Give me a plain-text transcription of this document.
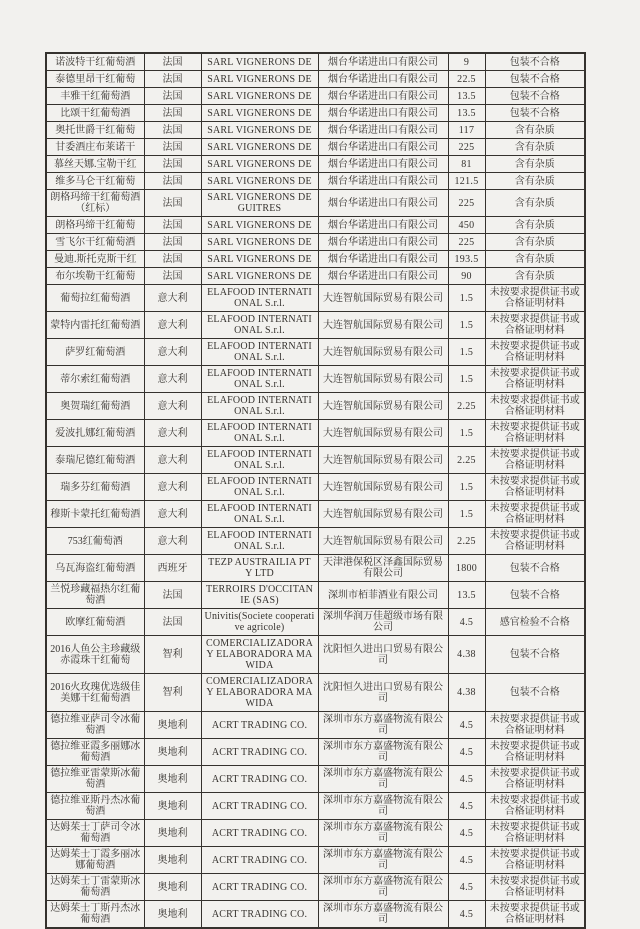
诺波特干红葡萄酒	法国	SARL VIGNERONS DE	烟台华诺进出口有限公司	9	包装不合格
泰德里昂干红葡萄	法国	SARL VIGNERONS DE	烟台华诺进出口有限公司	22.5	包装不合格
丰雅干红葡萄酒	法国	SARL VIGNERONS DE	烟台华诺进出口有限公司	13.5	包装不合格
比颂干红葡萄酒	法国	SARL VIGNERONS DE	烟台华诺进出口有限公司	13.5	包装不合格
奥托世爵干红葡萄	法国	SARL VIGNERONS DE	烟台华诺进出口有限公司	117	含有杂质
甘委酒庄布莱诺干	法国	SARL VIGNERONS DE	烟台华诺进出口有限公司	225	含有杂质
慕丝天娜.宝勒干红	法国	SARL VIGNERONS DE	烟台华诺进出口有限公司	81	含有杂质
维多马仑干红葡萄	法国	SARL VIGNERONS DE	烟台华诺进出口有限公司	121.5	含有杂质
朗格玛缔干红葡萄酒（红标）	法国	SARL VIGNERONS DE GUITRES	烟台华诺进出口有限公司	225	含有杂质
朗格玛缔干红葡萄	法国	SARL VIGNERONS DE	烟台华诺进出口有限公司	450	含有杂质
雪飞尔干红葡萄酒	法国	SARL VIGNERONS DE	烟台华诺进出口有限公司	225	含有杂质
曼迪.斯托克斯干红	法国	SARL VIGNERONS DE	烟台华诺进出口有限公司	193.5	含有杂质
布尔埃勒干红葡萄	法国	SARL VIGNERONS DE	烟台华诺进出口有限公司	90	含有杂质
葡萄拉红葡萄酒	意大利	ELAFOOD INTERNATIONAL S.r.l.	大连智航国际贸易有限公司	1.5	未按要求提供证书或合格证明材料
蒙特内雷托红葡萄酒	意大利	ELAFOOD INTERNATIONAL S.r.l.	大连智航国际贸易有限公司	1.5	未按要求提供证书或合格证明材料
萨罗红葡萄酒	意大利	ELAFOOD INTERNATIONAL S.r.l.	大连智航国际贸易有限公司	1.5	未按要求提供证书或合格证明材料
蒂尔索红葡萄酒	意大利	ELAFOOD INTERNATIONAL S.r.l.	大连智航国际贸易有限公司	1.5	未按要求提供证书或合格证明材料
奥贺瑞红葡萄酒	意大利	ELAFOOD INTERNATIONAL S.r.l.	大连智航国际贸易有限公司	2.25	未按要求提供证书或合格证明材料
爱波扎娜红葡萄酒	意大利	ELAFOOD INTERNATIONAL S.r.l.	大连智航国际贸易有限公司	1.5	未按要求提供证书或合格证明材料
泰瑞尼德红葡萄酒	意大利	ELAFOOD INTERNATIONAL S.r.l.	大连智航国际贸易有限公司	2.25	未按要求提供证书或合格证明材料
瑞多芬红葡萄酒	意大利	ELAFOOD INTERNATIONAL S.r.l.	大连智航国际贸易有限公司	1.5	未按要求提供证书或合格证明材料
穆斯卡蒙托红葡萄酒	意大利	ELAFOOD INTERNATIONAL S.r.l.	大连智航国际贸易有限公司	1.5	未按要求提供证书或合格证明材料
753红葡萄酒	意大利	ELAFOOD INTERNATIONAL S.r.l.	大连智航国际贸易有限公司	2.25	未按要求提供证书或合格证明材料
乌瓦海盗红葡萄酒	西班牙	TEZP AUSTRAILIA PTY LTD	天津港保税区泽鑫国际贸易有限公司	1800	包装不合格
兰悦珍藏福热尔红葡萄酒	法国	TERROIRS D'OCCITANIE (SAS)	深圳市栢菲酒业有限公司	13.5	包装不合格
欧摩红葡萄酒	法国	Univitis(Societe cooperative agricole)	深圳华润万佳超级市场有限公司	4.5	感官检验不合格
2016人鱼公主珍藏级赤霞珠干红葡萄	智利	COMERCIALIZADORA Y ELABORADORA MAWIDA	沈阳恒久进出口贸易有限公司	4.38	包装不合格
2016火玫瑰优选级佳美娜干红葡萄酒	智利	COMERCIALIZADORA Y ELABORADORA MAWIDA	沈阳恒久进出口贸易有限公司	4.38	包装不合格
德拉维亚萨司令冰葡萄酒	奥地利	ACRT TRADING CO.	深圳市东方嘉盛物流有限公司	4.5	未按要求提供证书或合格证明材料
德拉维亚霞多丽娜冰葡萄酒	奥地利	ACRT TRADING CO.	深圳市东方嘉盛物流有限公司	4.5	未按要求提供证书或合格证明材料
德拉维亚雷蒙斯冰葡萄酒	奥地利	ACRT TRADING CO.	深圳市东方嘉盛物流有限公司	4.5	未按要求提供证书或合格证明材料
德拉维亚斯丹杰冰葡萄酒	奥地利	ACRT TRADING CO.	深圳市东方嘉盛物流有限公司	4.5	未按要求提供证书或合格证明材料
达姆茱士丁萨司令冰葡萄酒	奥地利	ACRT TRADING CO.	深圳市东方嘉盛物流有限公司	4.5	未按要求提供证书或合格证明材料
达姆茱士丁霞多丽冰娜葡萄酒	奥地利	ACRT TRADING CO.	深圳市东方嘉盛物流有限公司	4.5	未按要求提供证书或合格证明材料
达姆茱士丁雷蒙斯冰葡萄酒	奥地利	ACRT TRADING CO.	深圳市东方嘉盛物流有限公司	4.5	未按要求提供证书或合格证明材料
达姆茱士丁斯丹杰冰葡萄酒	奥地利	ACRT TRADING CO.	深圳市东方嘉盛物流有限公司	4.5	未按要求提供证书或合格证明材料
